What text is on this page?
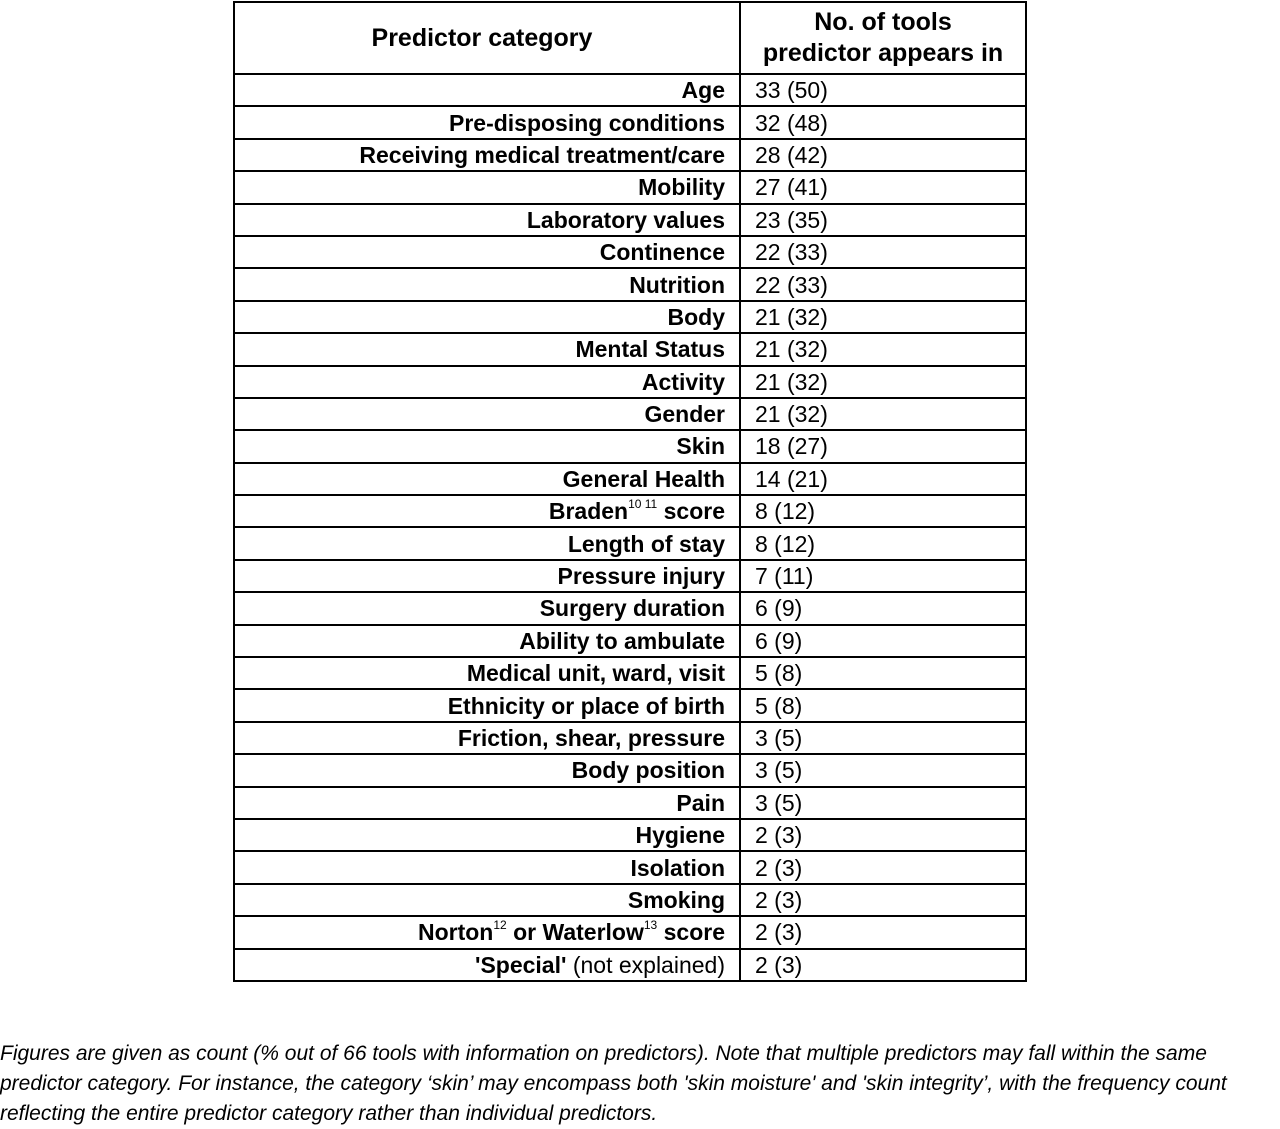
Predictor category	No. of tools
predictor appears in
Age	33 (50)
Pre-disposing conditions	32 (48)
Receiving medical treatment/care	28 (42)
Mobility	27 (41)
Laboratory values	23 (35)
Continence	22 (33)
Nutrition	22 (33)
Body	21 (32)
Mental Status	21 (32)
Activity	21 (32)
Gender	21 (32)
Skin	18 (27)
General Health	14 (21)
Braden$^{10 11}$ score	8 (12)
Length of stay	8 (12)
Pressure injury	7 (11)
Surgery duration	6 (9)
Ability to ambulate	6 (9)
Medical unit, ward, visit	5 (8)
Ethnicity or place of birth	5 (8)
Friction, shear, pressure	3 (5)
Body position	3 (5)
Pain	3 (5)
Hygiene	2 (3)
Isolation	2 (3)
Smoking	2 (3)
Norton$^{12}$ or Waterlow$^{13}$ score	2 (3)
'Special' (not explained)	2 (3)

Figures are given as count (% out of 66 tools with information on predictors). Note that multiple predictors may fall within the same predictor category. For instance, the category ‘skin’ may encompass both 'skin moisture' and 'skin integrity’, with the frequency count reflecting the entire predictor category rather than individual predictors.
